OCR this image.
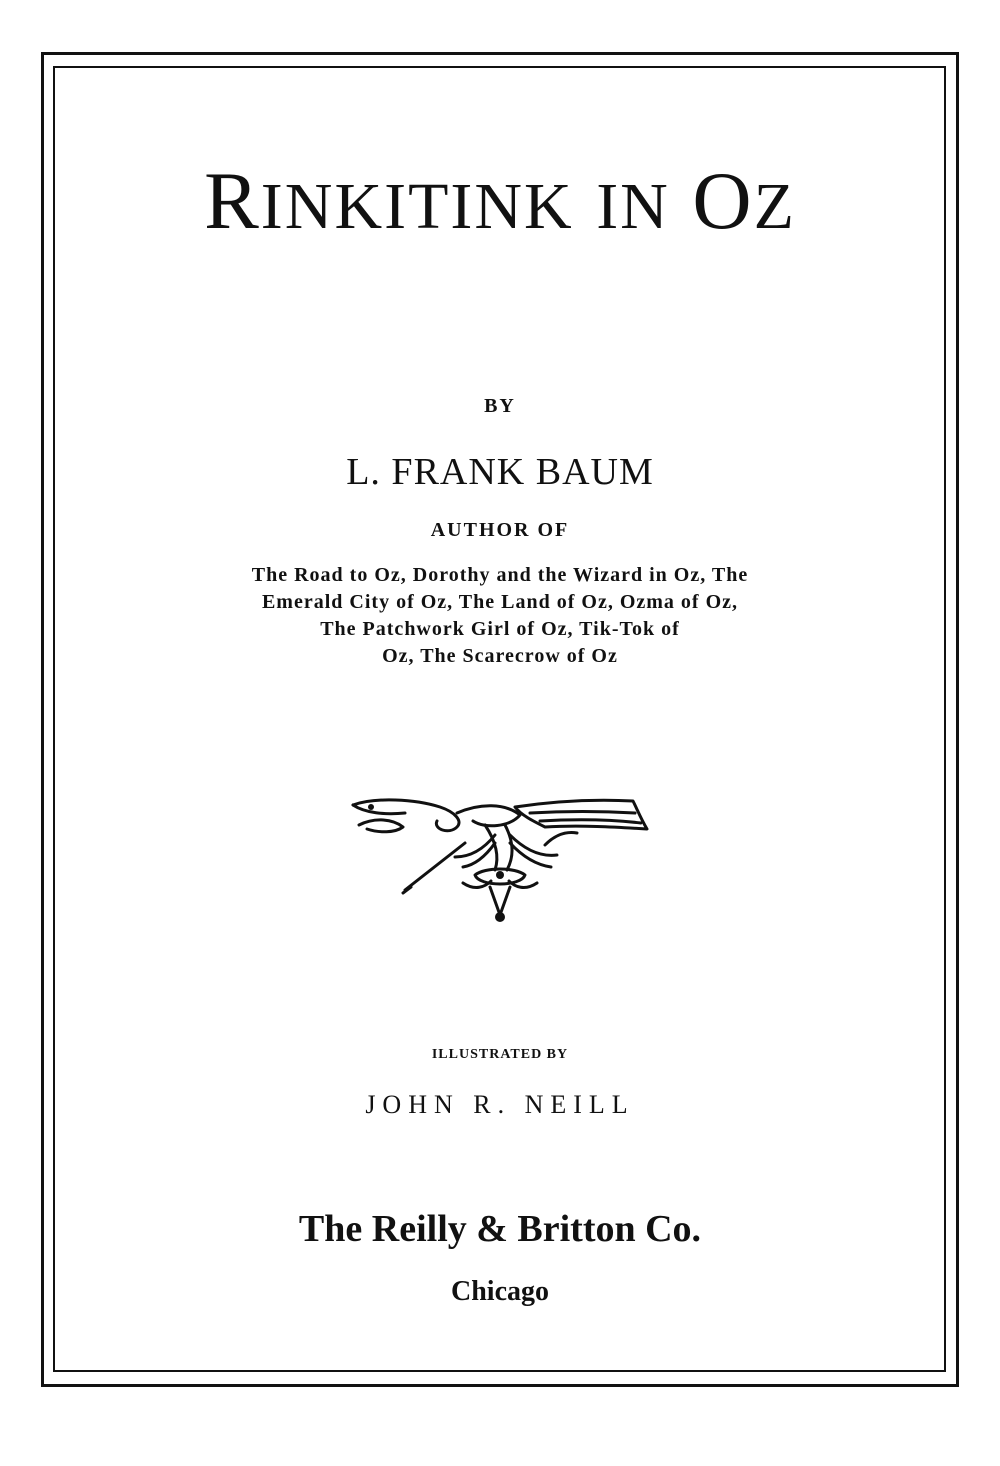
RINKITINK IN OZ
BY
L. FRANK BAUM
AUTHOR OF
The Road to Oz, Dorothy and the Wizard in Oz, The
Emerald City of Oz, The Land of Oz, Ozma of Oz,
The Patchwork Girl of Oz, Tik-Tok of
Oz, The Scarecrow of Oz
ILLUSTRATED BY
JOHN R. NEILL
The Reilly & Britton Co.
Chicago
